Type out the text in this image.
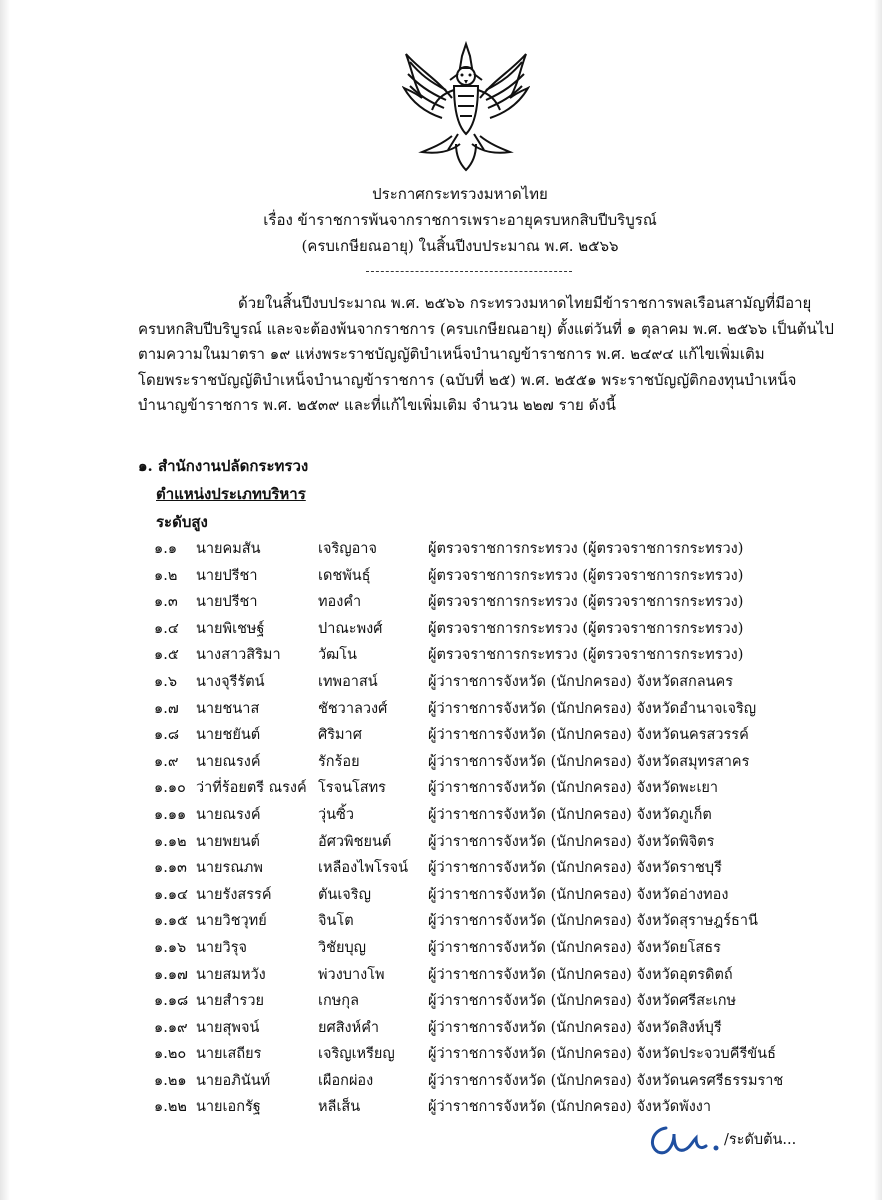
ประกาศกระทรวงมหาดไทย
เรื่อง ข้าราชการพ้นจากราชการเพราะอายุครบหกสิบปีบริบูรณ์
(ครบเกษียณอายุ) ในสิ้นปีงบประมาณ พ.ศ. ๒๕๖๖
ด้วยในสิ้นปีงบประมาณ พ.ศ. ๒๕๖๖ กระทรวงมหาดไทยมีข้าราชการพลเรือนสามัญที่มีอายุ
ครบหกสิบปีบริบูรณ์ และจะต้องพ้นจากราชการ (ครบเกษียณอายุ) ตั้งแต่วันที่ ๑ ตุลาคม พ.ศ. ๒๕๖๖ เป็นต้นไป
ตามความในมาตรา ๑๙ แห่งพระราชบัญญัติบำเหน็จบำนาญข้าราชการ พ.ศ. ๒๔๙๔ แก้ไขเพิ่มเติม
โดยพระราชบัญญัติบำเหน็จบำนาญข้าราชการ (ฉบับที่ ๒๕) พ.ศ. ๒๕๕๑ พระราชบัญญัติกองทุนบำเหน็จ
บำนาญข้าราชการ พ.ศ. ๒๕๓๙ และที่แก้ไขเพิ่มเติม จำนวน ๒๒๗ ราย ดังนี้
๑. สำนักงานปลัดกระทรวง
ตำแหน่งประเภทบริหาร
ระดับสูง
๑.๑ นายคมสัน	เจริญอาจ	ผู้ตรวจราชการกระทรวง (ผู้ตรวจราชการกระทรวง)
๑.๒ นายปรีชา	เดชพันธุ์	ผู้ตรวจราชการกระทรวง (ผู้ตรวจราชการกระทรวง)
๑.๓ นายปรีชา	ทองคำ	ผู้ตรวจราชการกระทรวง (ผู้ตรวจราชการกระทรวง)
๑.๔ นายพิเชษฐ์	ปาณะพงศ์	ผู้ตรวจราชการกระทรวง (ผู้ตรวจราชการกระทรวง)
๑.๕ นางสาวสิริมา	วัฒโน	ผู้ตรวจราชการกระทรวง (ผู้ตรวจราชการกระทรวง)
๑.๖ นางจุรีรัตน์	เทพอาสน์	ผู้ว่าราชการจังหวัด (นักปกครอง) จังหวัดสกลนคร
๑.๗ นายชนาส	ชัชวาลวงศ์	ผู้ว่าราชการจังหวัด (นักปกครอง) จังหวัดอำนาจเจริญ
๑.๘ นายชยันต์	ศิริมาศ	ผู้ว่าราชการจังหวัด (นักปกครอง) จังหวัดนครสวรรค์
๑.๙ นายณรงค์	รักร้อย	ผู้ว่าราชการจังหวัด (นักปกครอง) จังหวัดสมุทรสาคร
๑.๑๐ ว่าที่ร้อยตรี ณรงค์ โรจนโสทร	ผู้ว่าราชการจังหวัด (นักปกครอง) จังหวัดพะเยา
๑.๑๑ นายณรงค์	วุ่นซิ้ว	ผู้ว่าราชการจังหวัด (นักปกครอง) จังหวัดภูเก็ต
๑.๑๒ นายพยนต์	อัศวพิชยนต์	ผู้ว่าราชการจังหวัด (นักปกครอง) จังหวัดพิจิตร
๑.๑๓ นายรณภพ	เหลืองไพโรจน์ ผู้ว่าราชการจังหวัด (นักปกครอง) จังหวัดราชบุรี
๑.๑๔ นายรังสรรค์	ตันเจริญ	ผู้ว่าราชการจังหวัด (นักปกครอง) จังหวัดอ่างทอง
๑.๑๕ นายวิชวุทย์	จินโต	ผู้ว่าราชการจังหวัด (นักปกครอง) จังหวัดสุราษฎร์ธานี
๑.๑๖ นายวิรุจ	วิชัยบุญ	ผู้ว่าราชการจังหวัด (นักปกครอง) จังหวัดยโสธร
๑.๑๗ นายสมหวัง	พ่วงบางโพ	ผู้ว่าราชการจังหวัด (นักปกครอง) จังหวัดอุตรดิตถ์
๑.๑๘ นายสำรวย	เกษกุล	ผู้ว่าราชการจังหวัด (นักปกครอง) จังหวัดศรีสะเกษ
๑.๑๙ นายสุพจน์	ยศสิงห์คำ	ผู้ว่าราชการจังหวัด (นักปกครอง) จังหวัดสิงห์บุรี
๑.๒๐ นายเสถียร	เจริญเหรียญ ผู้ว่าราชการจังหวัด (นักปกครอง) จังหวัดประจวบคีรีขันธ์
๑.๒๑ นายอภินันท์	เผือกผ่อง	ผู้ว่าราชการจังหวัด (นักปกครอง) จังหวัดนครศรีธรรมราช
๑.๒๒ นายเอกรัฐ	หลีเส็น	ผู้ว่าราชการจังหวัด (นักปกครอง) จังหวัดพังงา
/ระดับต้น...
